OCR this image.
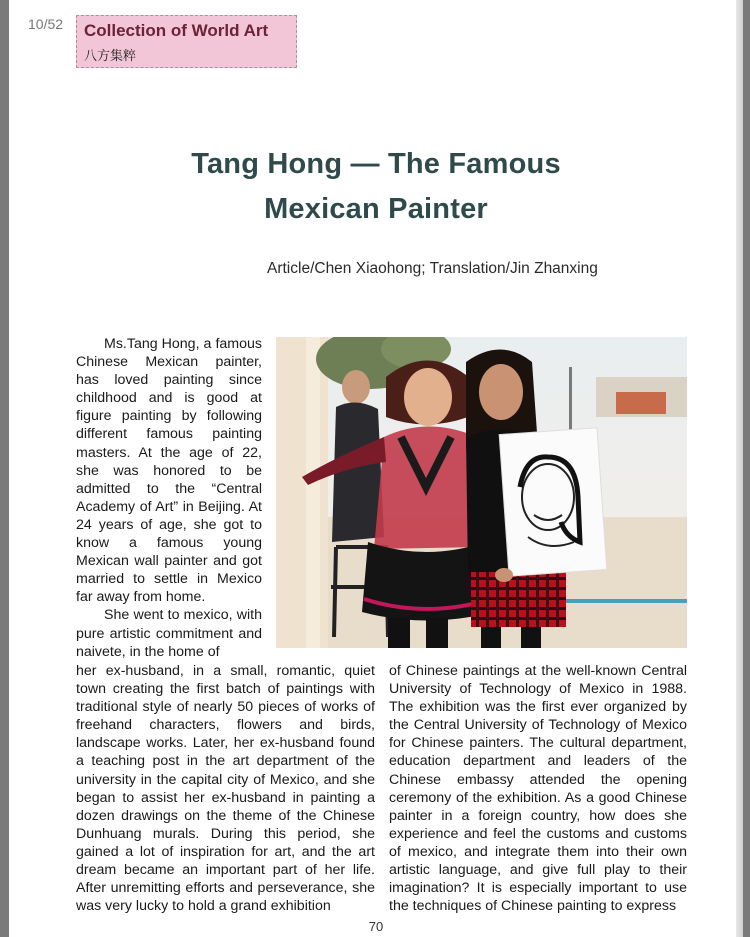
10/52 Collection of World Art
八方集粹
Tang Hong — The Famous
Mexican Painter
Article/Chen Xiaohong; Translation/Jin Zhanxing

Ms.Tang Hong, a famous Chinese Mexican painter, has loved painting since childhood and is good at figure painting by following different famous painting masters. At the age of 22, she was honored to be admitted to the “Central Academy of Art” in Beijing. At 24 years of age, she got to know a famous young Mexican wall painter and got married to settle in Mexico far away from home.

She went to mexico, with pure artistic commitment and naivete, in the home of

her ex-husband, in a small, romantic, quiet town creating the first batch of paintings with traditional style of nearly 50 pieces of works of freehand characters, flowers and birds, landscape works. Later, her ex-husband found a teaching post in the art department of the university in the capital city of Mexico, and she began to assist her ex-husband in painting a dozen drawings on the theme of the Chinese Dunhuang murals. During this period, she gained a lot of inspiration for art, and the art dream became an important part of her life. After unremitting efforts and perseverance, she was very lucky to hold a grand exhibition
of Chinese paintings at the well-known Central University of Technology of Mexico in 1988. The exhibition was the first ever organized by the Central University of Technology of Mexico for Chinese painters. The cultural department, education department and leaders of the Chinese embassy attended the opening ceremony of the exhibition. As a good Chinese painter in a foreign country, how does she experience and feel the customs and customs of mexico, and integrate them into their own artistic language, and give full play to their imagination? It is especially important to use the techniques of Chinese painting to express
70
